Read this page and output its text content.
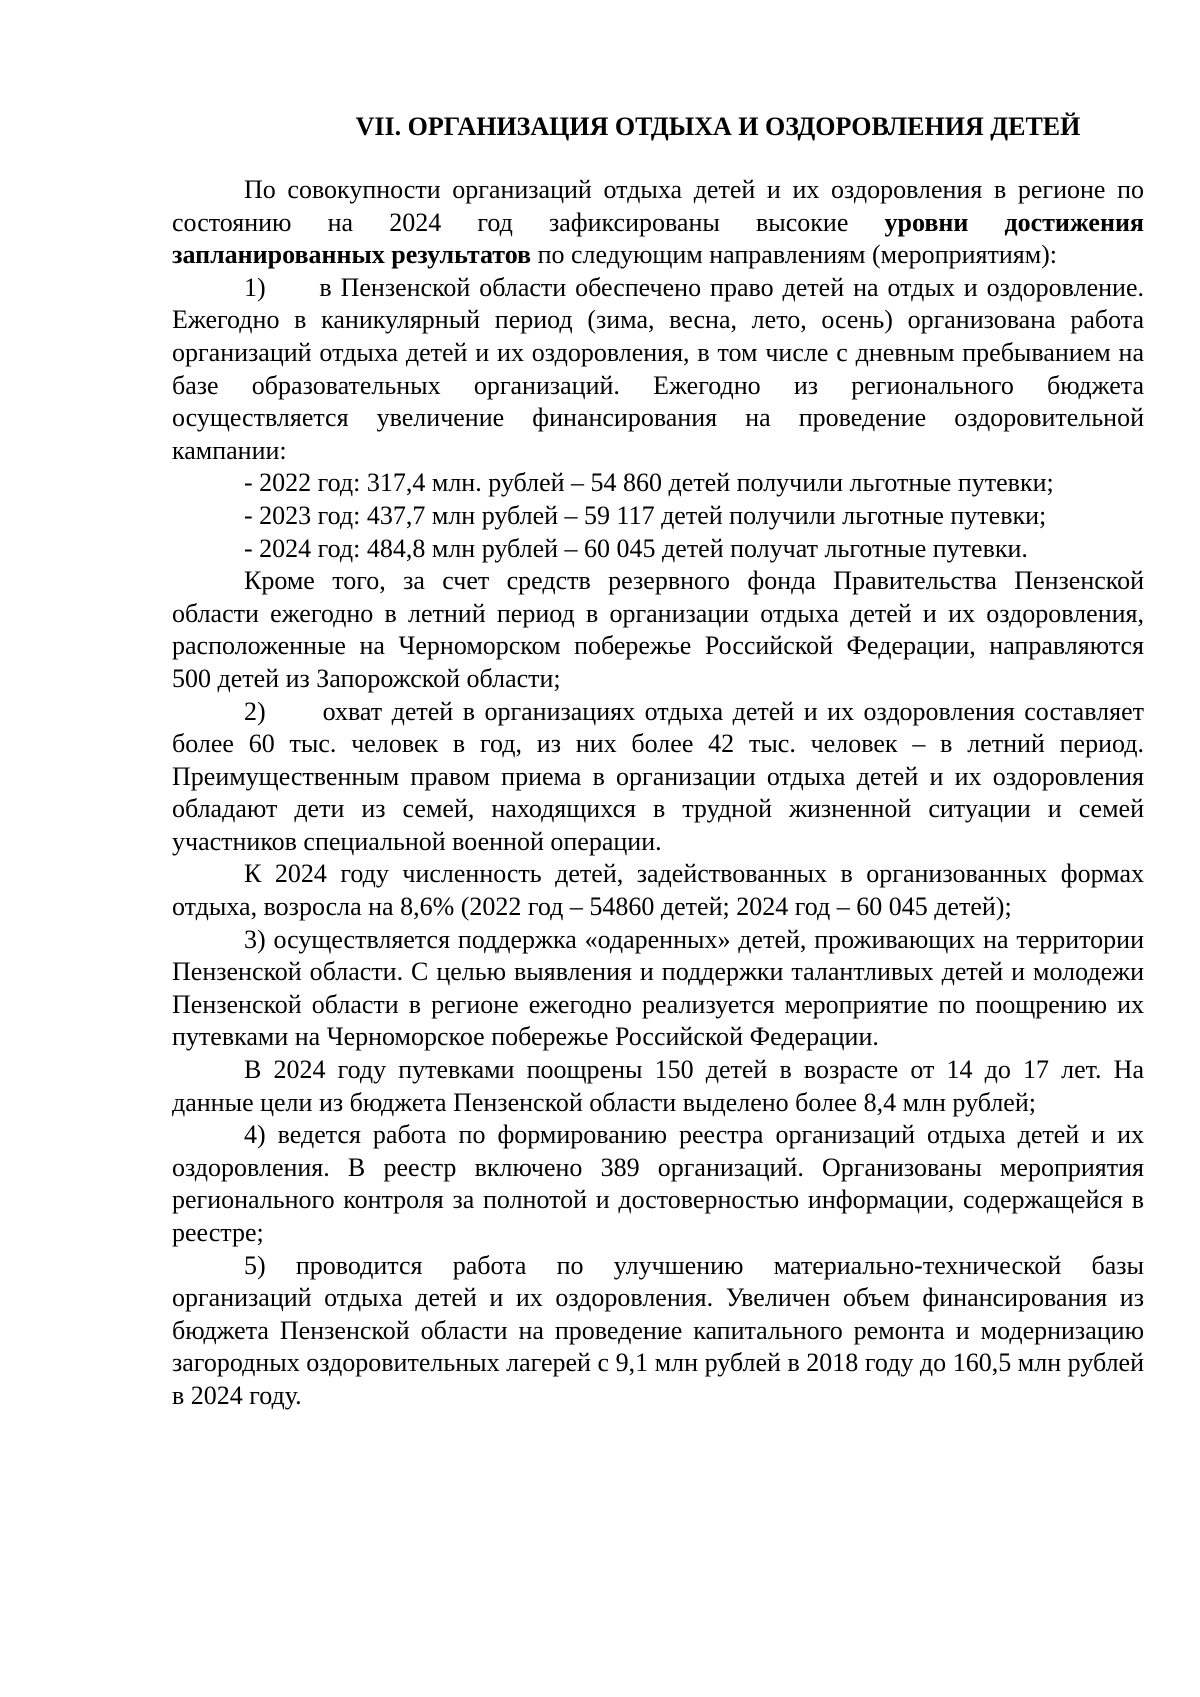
VII. ОРГАНИЗАЦИЯ ОТДЫХА И ОЗДОРОВЛЕНИЯ ДЕТЕЙ

По совокупности организаций отдыха детей и их оздоровления в регионе по состоянию на 2024 год зафиксированы высокие уровни достижения запланированных результатов по следующим направлениям (мероприятиям):

1) в Пензенской области обеспечено право детей на отдых и оздоровление. Ежегодно в каникулярный период (зима, весна, лето, осень) организована работа организаций отдыха детей и их оздоровления, в том числе с дневным пребыванием на базе образовательных организаций. Ежегодно из регионального бюджета осуществляется увеличение финансирования на проведение оздоровительной кампании:

- 2022 год: 317,4 млн. рублей – 54 860 детей получили льготные путевки;

- 2023 год: 437,7 млн рублей – 59 117 детей получили льготные путевки;

- 2024 год: 484,8 млн рублей – 60 045 детей получат льготные путевки.

Кроме того, за счет средств резервного фонда Правительства Пензенской области ежегодно в летний период в организации отдыха детей и их оздоровления, расположенные на Черноморском побережье Российской Федерации, направляются 500 детей из Запорожской области;

2) охват детей в организациях отдыха детей и их оздоровления составляет более 60 тыс. человек в год, из них более 42 тыс. человек – в летний период. Преимущественным правом приема в организации отдыха детей и их оздоровления обладают дети из семей, находящихся в трудной жизненной ситуации и семей участников специальной военной операции.

К 2024 году численность детей, задействованных в организованных формах отдыха, возросла на 8,6% (2022 год – 54860 детей; 2024 год – 60 045 детей);

3) осуществляется поддержка «одаренных» детей, проживающих на территории Пензенской области. С целью выявления и поддержки талантливых детей и молодежи Пензенской области в регионе ежегодно реализуется мероприятие по поощрению их путевками на Черноморское побережье Российской Федерации.

В 2024 году путевками поощрены 150 детей в возрасте от 14 до 17 лет. На данные цели из бюджета Пензенской области выделено более 8,4 млн рублей;

4) ведется работа по формированию реестра организаций отдыха детей и их оздоровления. В реестр включено 389 организаций. Организованы мероприятия регионального контроля за полнотой и достоверностью информации, содержащейся в реестре;

5) проводится работа по улучшению материально-технической базы организаций отдыха детей и их оздоровления. Увеличен объем финансирования из бюджета Пензенской области на проведение капитального ремонта и модернизацию загородных оздоровительных лагерей с 9,1 млн рублей в 2018 году до 160,5 млн рублей в 2024 году.
